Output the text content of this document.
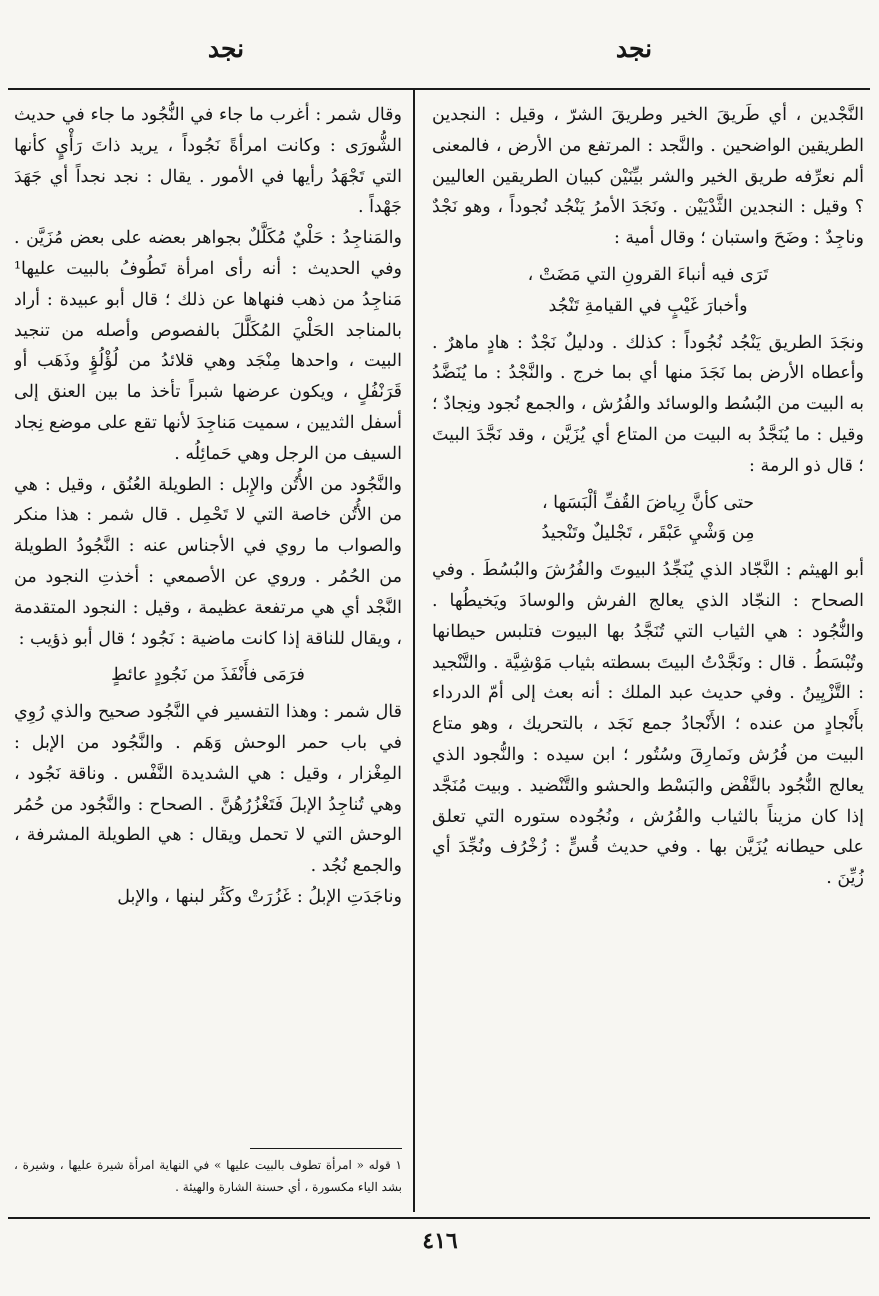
نجد
نجد

النَّجْدين ، أي طَريقَ الخير وطريقَ الشرّ ، وقيل : النجدين الطريقين الواضحين . والنَّجد : المرتفع من الأرض ، فالمعنى ألم نعرِّفه طريق الخير والشر بيِّنَيْن كبيان الطريقين العاليين ؟ وقيل : النجدين الثَّدْيَيْن . ونَجَدَ الأمرُ يَنْجُد نُجوداً ، وهو نَجْدٌ وناجِدٌ : وضَحَ واستبان ؛ وقال أمية :

تَرَى فيه أنباءَ القرونِ التي مَضَتْ ،
وأخبارَ غَيْبٍ في القيامةِ تَنْجُد

ونجَدَ الطريق يَنْجُد نُجُوداً : كذلك . ودليلٌ نَجْدٌ : هادٍ ماهرٌ . وأعطاه الأرض بما نَجَدَ منها أي بما خرج . والنَّجْدُ : ما يُنَضَّدُ به البيت من البُسُط والوسائد والفُرُش ، والجمع نُجود ونِجادٌ ؛ وقيل : ما يُنَجَّدُ به البيت من المتاع أي يُزَيَّن ، وقد نَجَّدَ البيتَ ؛ قال ذو الرمة :

حتى كأنَّ رِياضَ القُفِّ ألْبَسَها ،
مِن وَشْيِ عَبْقَر ، تَجْليلٌ وتَنْجيدُ

أبو الهيثم : النَّجّاد الذي يُنَجِّدُ البيوتَ والفُرُشَ والبُسُطَ . وفي الصحاح : النجّاد الذي يعالج الفرش والوسادَ ويَخيطُها . والنُّجُود : هي الثياب التي تُنَجَّدُ بها البيوت فتلبس حيطانها وتُبْسَطُ . قال : ونَجَّدْتُ البيتَ بسطته بثياب مَوْشِيَّة . والتَّنْجيد : التَّزْيِينُ . وفي حديث عبد الملك : أنه بعث إلى أمّ الدرداء بأَنْجادٍ من عنده ؛ الأَنْجادُ جمع نَجَد ، بالتحريك ، وهو متاع البيت من فُرُش ونَمارِقَ وسُتُور ؛ ابن سيده : والنُّجود الذي يعالج النُّجُود بالنَّفْض والبَسْط والحشو والتَّنْضيد . وبيت مُنَجَّد إذا كان مزيناً بالثياب والفُرُش ، ونُجُوده ستوره التي تعلق على حيطانه يُزَيَّن بها . وفي حديث قُسٍّ : زُخْرُف ونُجِّدَ أي زُيِّنَ .

وقال شمر : أغرب ما جاء في النُّجُود ما جاء في حديث الشُّورَى : وكانت امرأةً نَجُوداً ، يريد ذاتَ رَأْيٍ كأنها التي تَجْهَدُ رأيها في الأمور . يقال : نجد نجداً أي جَهَدَ جَهْداً .

والمَناجِدُ : حَلْيٌ مُكَلَّلٌ بجواهر بعضه على بعض مُزَيَّن . وفي الحديث : أنه رأى امرأة تَطُوفُ بالبيت عليها¹ مَناجِدُ من ذهب فنهاها عن ذلك ؛ قال أبو عبيدة : أراد بالمناجد الحَلْيَ المُكَلَّلَ بالفصوص وأصله من تنجيد البيت ، واحدها مِنْجَد وهي قلائدُ من لُؤْلُؤٍ وذَهَب أو قَرَنْفُلٍ ، ويكون عرضها شبراً تأخذ ما بين العنق إلى أسفل الثديين ، سميت مَناجِدَ لأنها تقع على موضع نِجاد السيف من الرجل وهي حَمائِلُه .

والنَّجُود من الأُتُن والإِبل : الطويلة العُنُق ، وقيل : هي من الأُتُن خاصة التي لا تَحْمِل . قال شمر : هذا منكر والصواب ما روي في الأجناس عنه : النَّجُودُ الطويلة من الحُمُر . وروي عن الأصمعي : أخذتِ النجود من النَّجْد أي هي مرتفعة عظيمة ، وقيل : النجود المتقدمة ، ويقال للناقة إذا كانت ماضية : نَجُود ؛ قال أبو ذؤيب :

فرَمَى فأَنْفَذَ من نَجُودٍ عائطٍ

قال شمر : وهذا التفسير في النَّجُود صحيح والذي رُوِي في باب حمر الوحش وَهَم . والنَّجُود من الإبل : المِغْزار ، وقيل : هي الشديدة النَّفْس . وناقة نَجُود ، وهي تُناجِدُ الإبلَ فَتَغْزُرُهُنَّ . الصحاح : والنَّجُود من حُمُر الوحش التي لا تحمل ويقال : هي الطويلة المشرفة ، والجمع نُجُد .

وناجَدَتِ الإبلُ : غَزُرَتْ وكَثُر لبنها ، والإبل

١ قوله « امرأة تطوف بالبيت عليها » في النهاية امرأة شيرة عليها ، وشيرة ، بشد الياء مكسورة ، أي حسنة الشارة والهيئة .
٤١٦
